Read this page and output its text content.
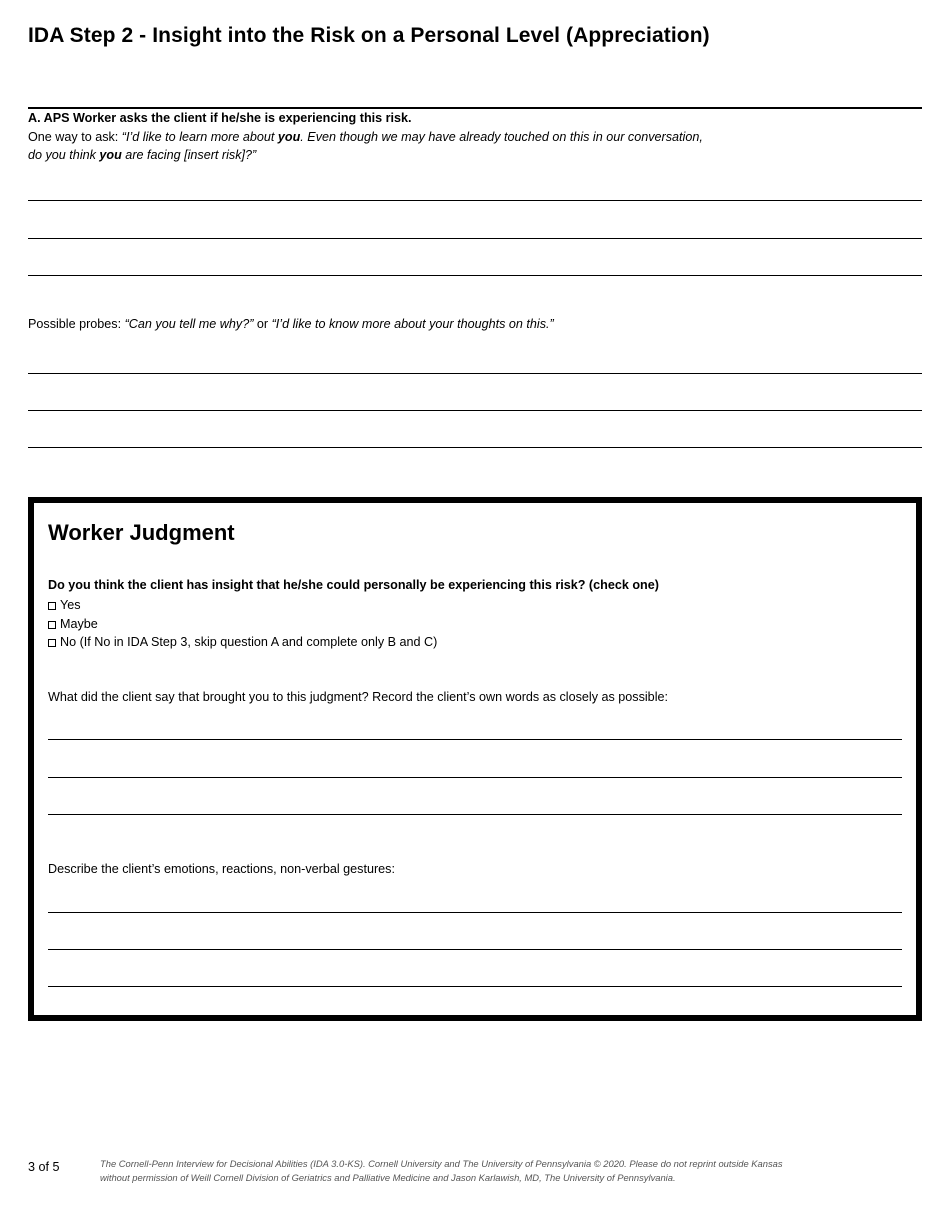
IDA Step 2 - Insight into the Risk on a Personal Level (Appreciation)
A. APS Worker asks the client if he/she is experiencing this risk.
One way to ask: “I’d like to learn more about you. Even though we may have already touched on this in our conversation,
do you think you are facing [insert risk]?”
Possible probes: “Can you tell me why?” or “I’d like to know more about your thoughts on this.”
Worker Judgment
Do you think the client has insight that he/she could personally be experiencing this risk? (check one)
Yes
Maybe
No (If No in IDA Step 3, skip question A and complete only B and C)
What did the client say that brought you to this judgment? Record the client’s own words as closely as possible:
Describe the client’s emotions, reactions, non-verbal gestures:
3 of 5	The Cornell-Penn Interview for Decisional Abilities (IDA 3.0-KS). Cornell University and The University of Pennsylvania © 2020. Please do not reprint outside Kansas
without permission of Weill Cornell Division of Geriatrics and Palliative Medicine and Jason Karlawish, MD, The University of Pennsylvania.
